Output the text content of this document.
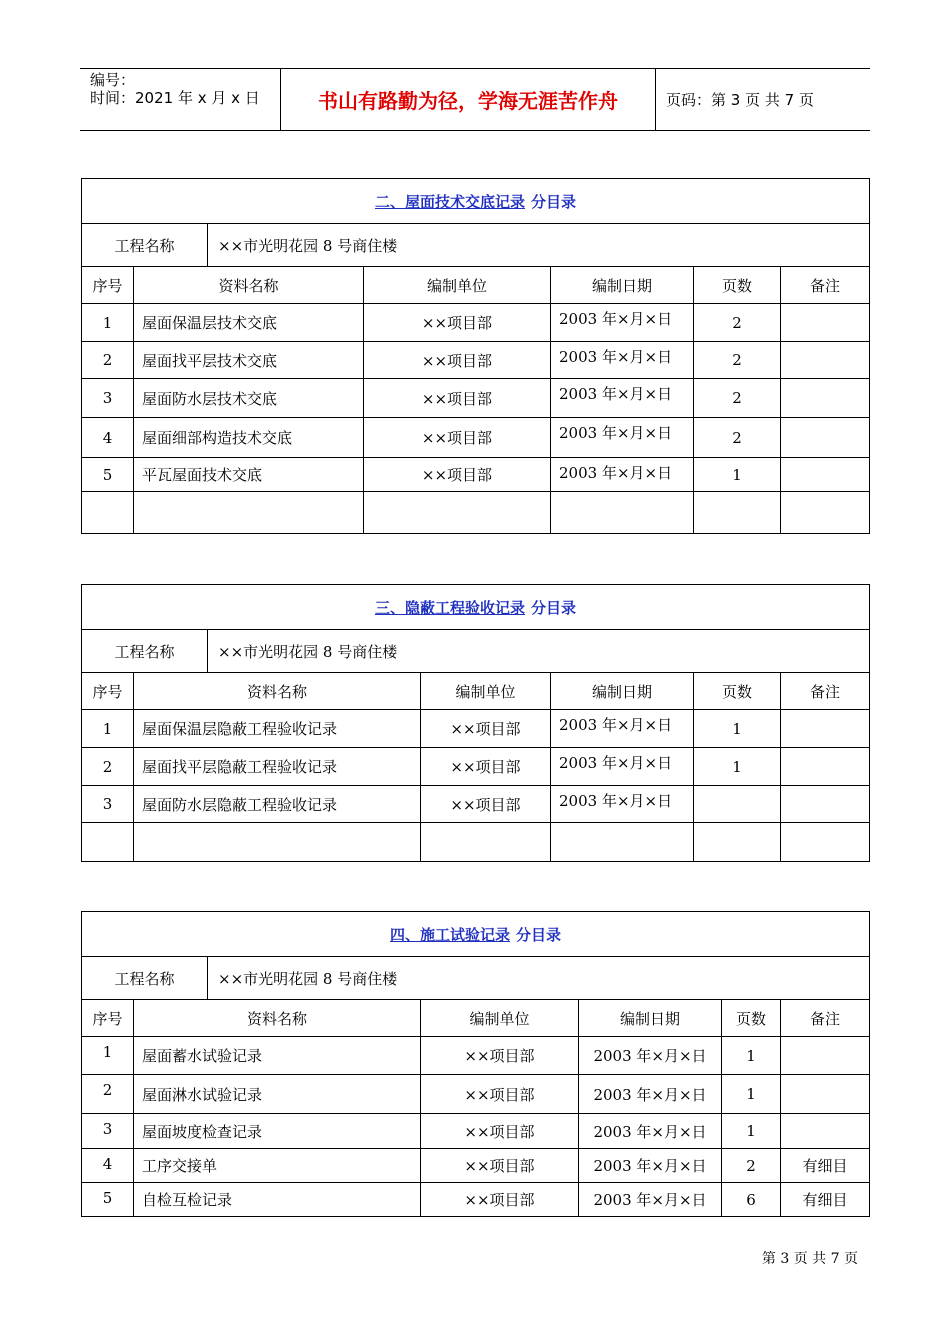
编号：
时间：2021 年 x 月 x 日	书山有路勤为径，学海无涯苦作舟	页码：第 3 页 共 7 页
二、屋面技术交底记录 分目录						
工程名称		××市光明花园 8 号商住楼				
序号	资料名称		编制单位	编制日期	页数	备注
1	屋面保温层技术交底		××项目部	2003 年×月×日	2	
2	屋面找平层技术交底		××项目部	2003 年×月×日	2	
3	屋面防水层技术交底		××项目部	2003 年×月×日	2	
4	屋面细部构造技术交底		××项目部	2003 年×月×日	2	
5	平瓦屋面技术交底		××项目部	2003 年×月×日	1	

三、隐蔽工程验收记录 分目录						
工程名称		××市光明花园 8 号商住楼				
序号	资料名称		编制单位	编制日期	页数	备注
1	屋面保温层隐蔽工程验收记录		××项目部	2003 年×月×日	1	
2	屋面找平层隐蔽工程验收记录		××项目部	2003 年×月×日	1	
3	屋面防水层隐蔽工程验收记录		××项目部	2003 年×月×日		

四、施工试验记录 分目录						
工程名称		××市光明花园 8 号商住楼				
序号	资料名称		编制单位	编制日期	页数	备注
1	屋面蓄水试验记录		××项目部	2003 年×月×日	1	
2	屋面淋水试验记录		××项目部	2003 年×月×日	1	
3	屋面坡度检查记录		××项目部	2003 年×月×日	1	
4	工序交接单		××项目部	2003 年×月×日	2	有细目
5	自检互检记录		××项目部	2003 年×月×日	6	有细目
第 3 页 共 7 页
